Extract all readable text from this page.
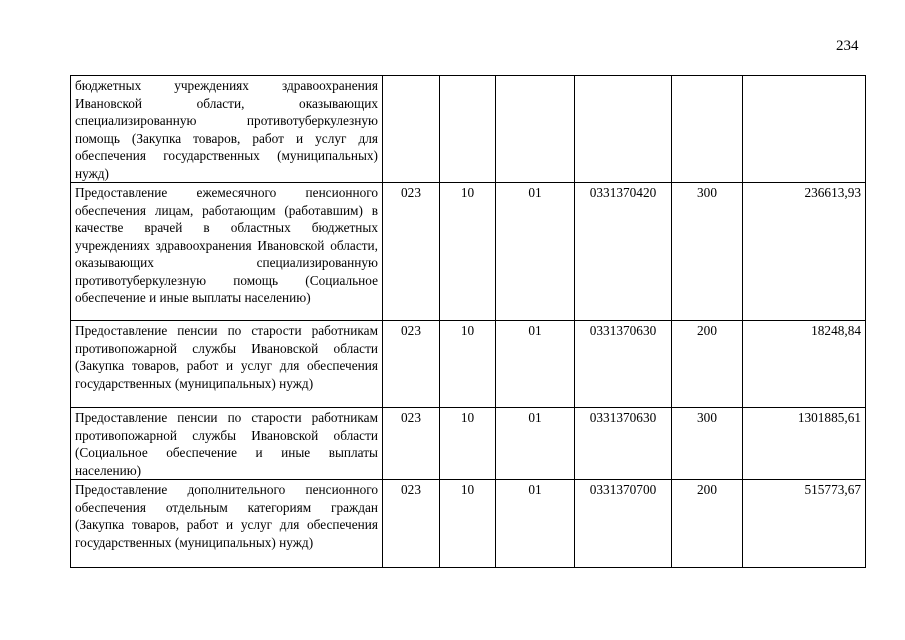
234
бюджетных учреждениях здравоохранения Ивановской области, оказывающих специализированную противотуберкулезную помощь (Закупка товаров, работ и услуг для обеспечения государственных (муниципальных) нужд)						
Предоставление ежемесячного пенсионного обеспечения лицам, работающим (работавшим) в качестве врачей в областных бюджетных учреждениях здравоохранения Ивановской области, оказывающих специализированную противотуберкулезную помощь (Социальное обеспечение и иные выплаты населению)	023	10	01	0331370420	300	236613,93
Предоставление пенсии по старости работникам противопожарной службы Ивановской области (Закупка товаров, работ и услуг для обеспечения государственных (муниципальных) нужд)	023	10	01	0331370630	200	18248,84
Предоставление пенсии по старости работникам противопожарной службы Ивановской области (Социальное обеспечение и иные выплаты населению)	023	10	01	0331370630	300	1301885,61
Предоставление дополнительного пенсионного обеспечения отдельным категориям граждан (Закупка товаров, работ и услуг для обеспечения государственных (муниципальных) нужд)	023	10	01	0331370700	200	515773,67
